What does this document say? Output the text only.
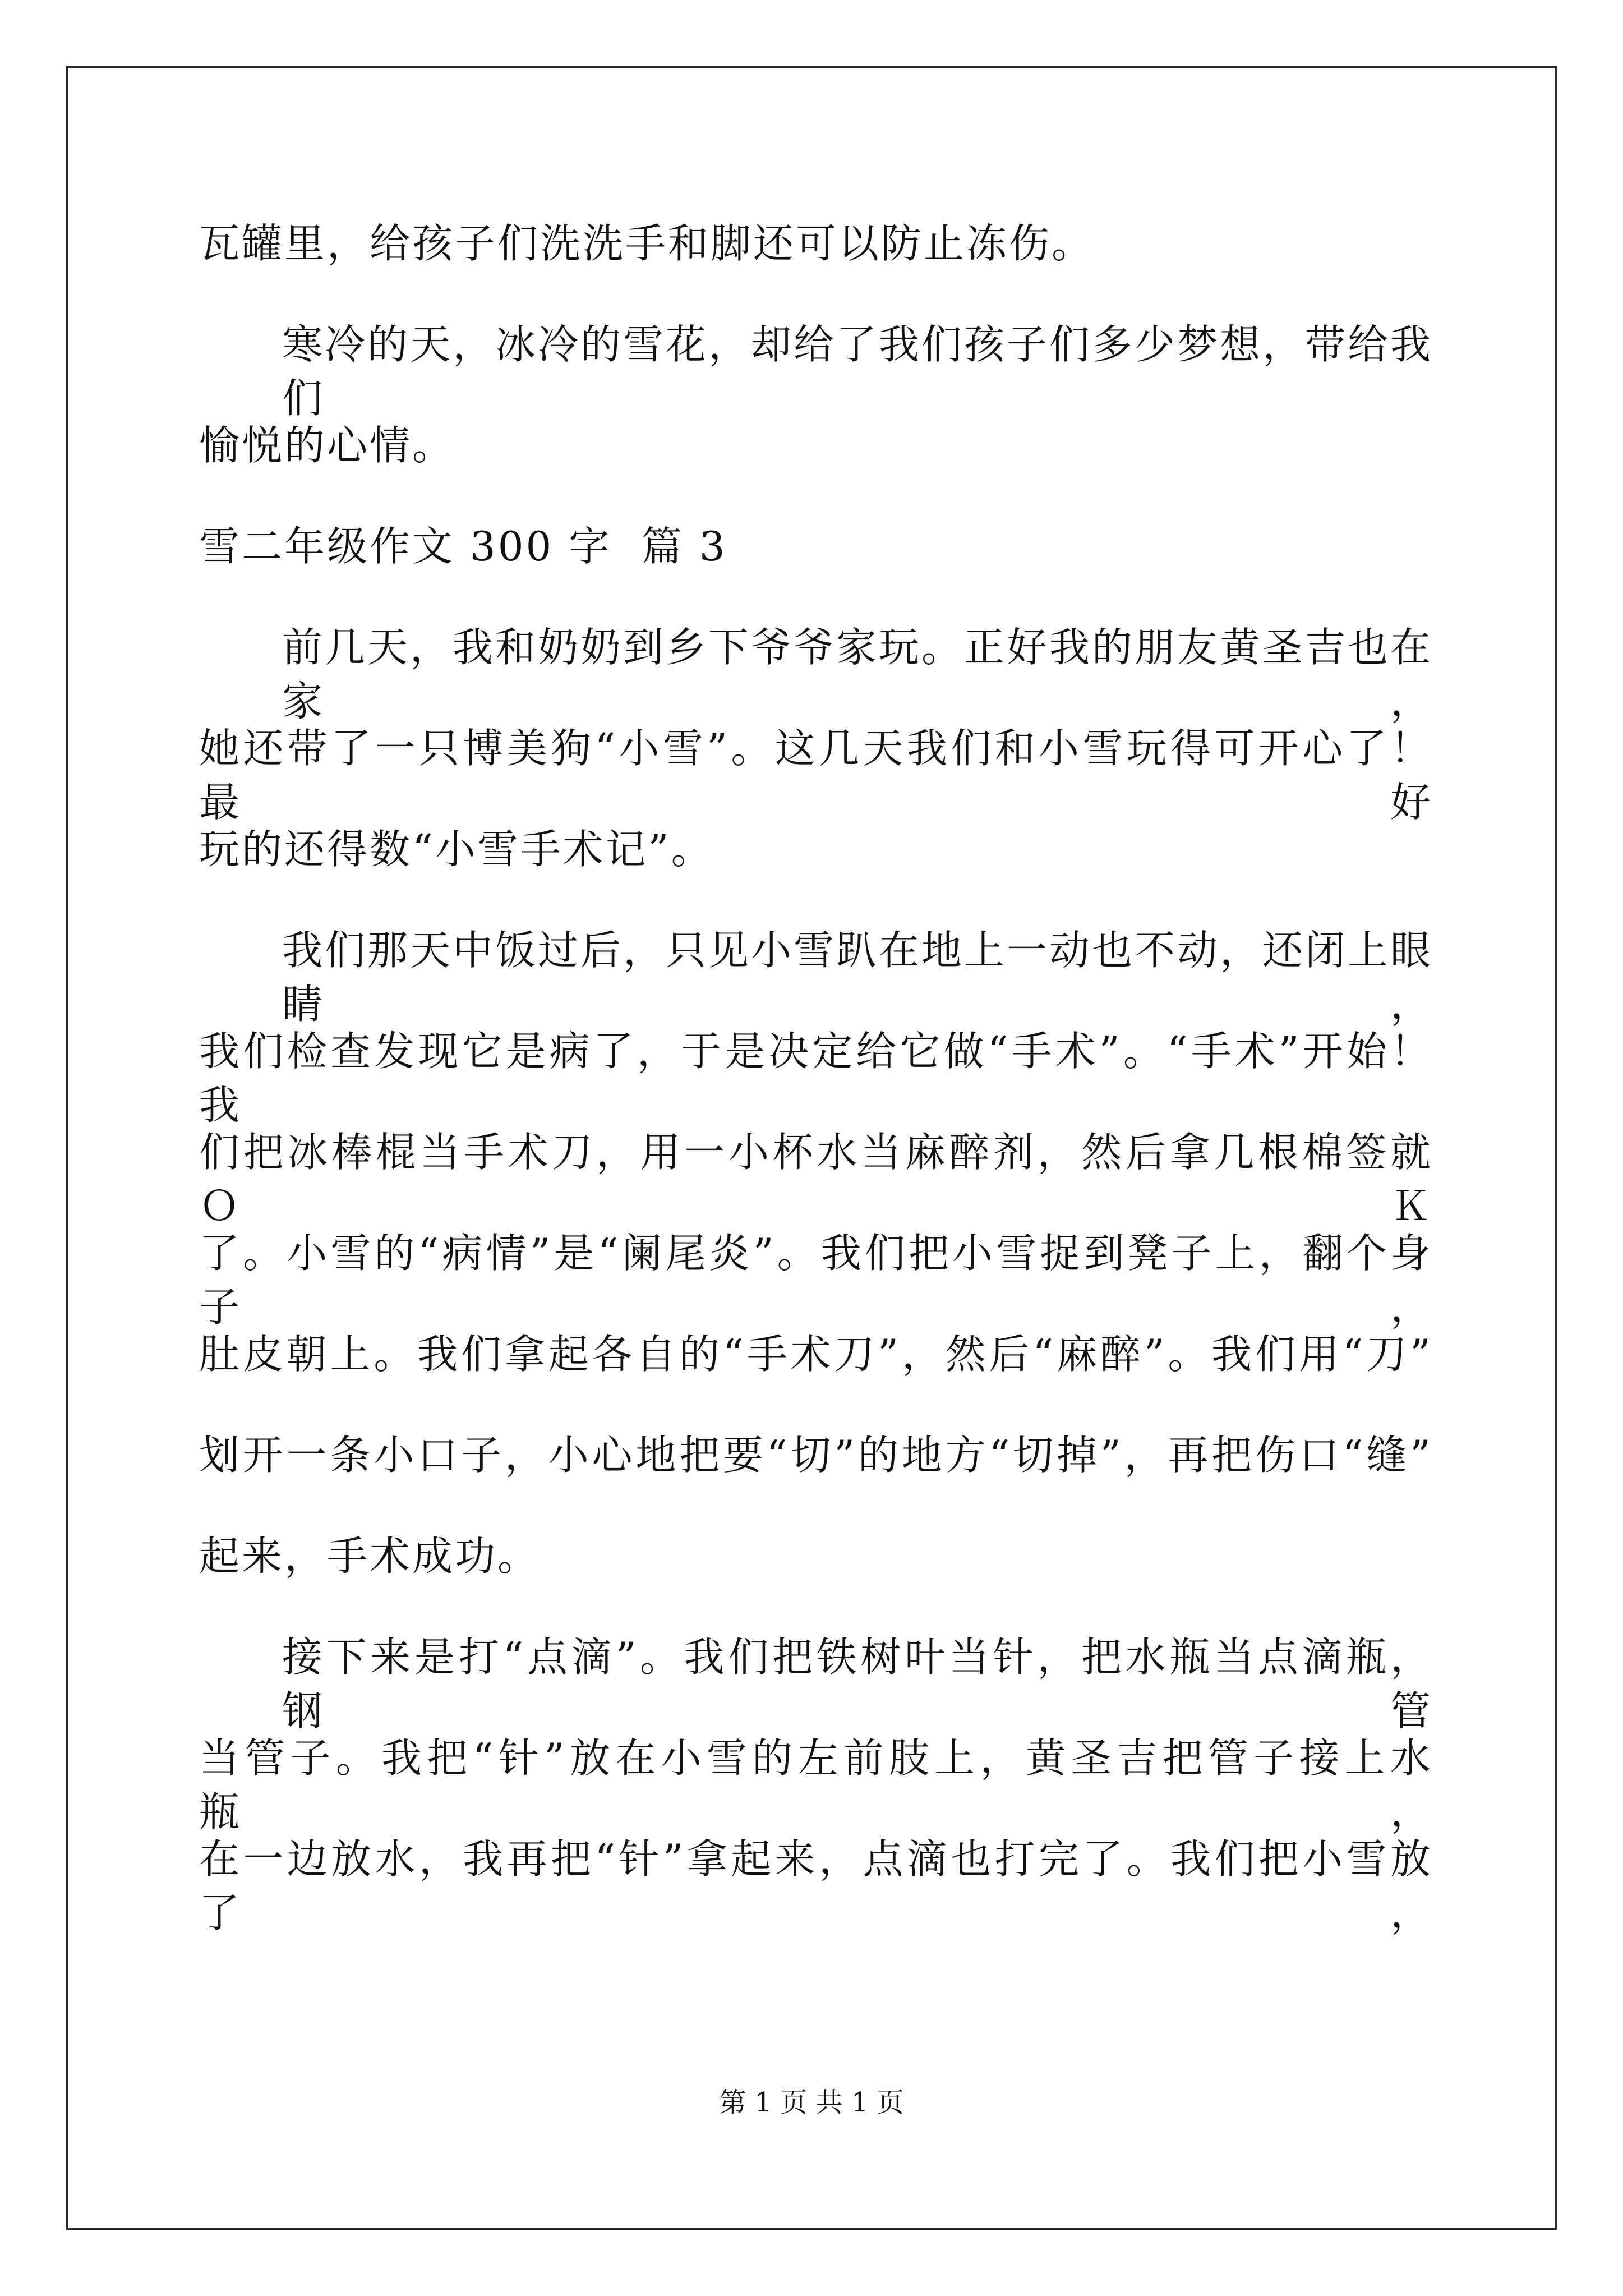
瓦罐里，给孩子们洗洗手和脚还可以防止冻伤。
寒冷的天，冰冷的雪花，却给了我们孩子们多少梦想，带给我们
愉悦的心情。
雪二年级作文 300 字  篇 3
前几天，我和奶奶到乡下爷爷家玩。正好我的朋友黄圣吉也在家，
她还带了一只博美狗“小雪”。这几天我们和小雪玩得可开心了！最好
玩的还得数“小雪手术记”。
我们那天中饭过后，只见小雪趴在地上一动也不动，还闭上眼睛，
我们检查发现它是病了，于是决定给它做“手术”。“手术”开始！我
们把冰棒棍当手术刀，用一小杯水当麻醉剂，然后拿几根棉签就ＯＫ
了。小雪的“病情”是“阑尾炎”。我们把小雪捉到凳子上，翻个身子，
肚皮朝上。我们拿起各自的“手术刀”，然后“麻醉”。我们用“刀”
划开一条小口子，小心地把要“切”的地方“切掉”，再把伤口“缝”
起来，手术成功。
接下来是打“点滴”。我们把铁树叶当针，把水瓶当点滴瓶，钢管
当管子。我把“针”放在小雪的左前肢上，黄圣吉把管子接上水瓶，
在一边放水，我再把“针”拿起来，点滴也打完了。我们把小雪放了，
第 1 页 共 1 页
